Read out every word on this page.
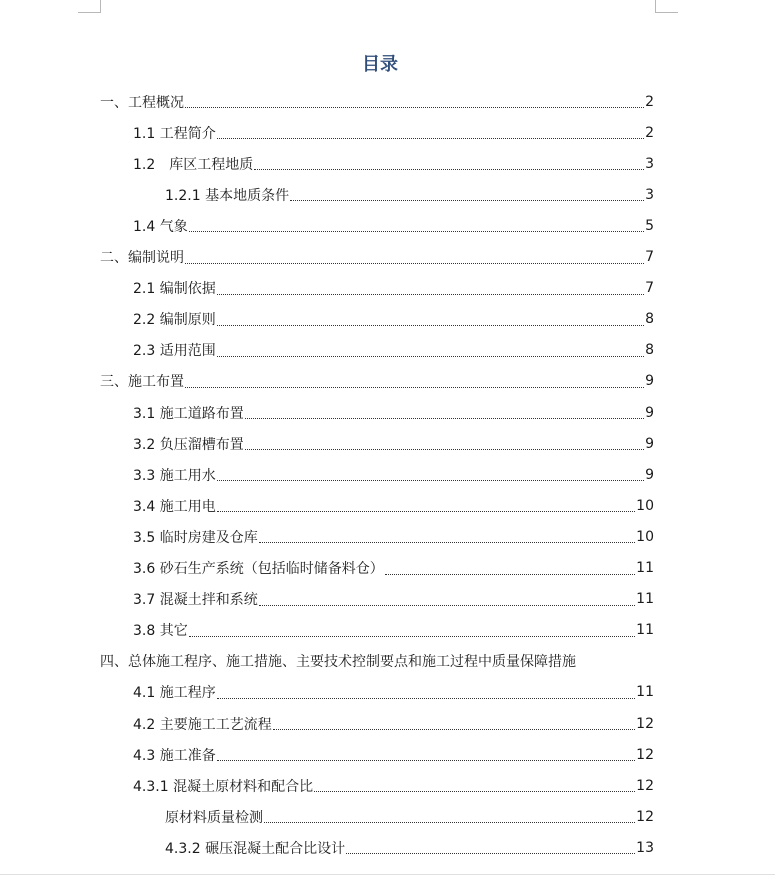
目录
一、工程概况	2
1.1 工程简介	2
1.2　库区工程地质	3
1.2.1 基本地质条件	3
1.4 气象	5
二、编制说明	7
2.1 编制依据	7
2.2 编制原则	8
2.3 适用范围	8
三、施工布置	9
3.1 施工道路布置	9
3.2 负压溜槽布置	9
3.3 施工用水	9
3.4 施工用电	10
3.5 临时房建及仓库	10
3.6 砂石生产系统（包括临时储备料仓）	11
3.7 混凝土拌和系统	11
3.8 其它	11
四、总体施工程序、施工措施、主要技术控制要点和施工过程中质量保障措施
4.1 施工程序	11
4.2 主要施工工艺流程	12
4.3 施工准备	12
4.3.1 混凝土原材料和配合比	12
原材料质量检测	12
4.3.2 碾压混凝土配合比设计	13
